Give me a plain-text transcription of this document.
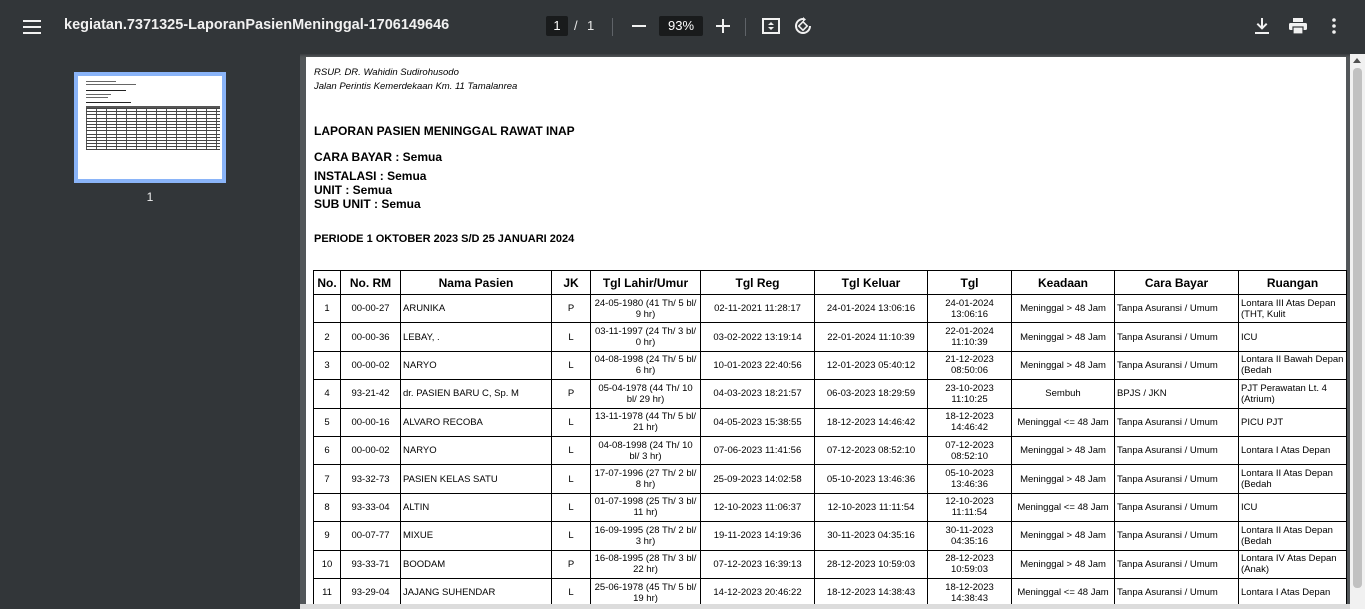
kegiatan.7371325-LaporanPasienMeninggal-1706149646	1	/ 1	93%
1
RSUP. DR. Wahidin Sudirohusodo
Jalan Perintis Kemerdekaan Km. 11 Tamalanrea
LAPORAN PASIEN MENINGGAL RAWAT INAP
CARA BAYAR : Semua
INSTALASI : Semua
UNIT : Semua
SUB UNIT : Semua
PERIODE 1 OKTOBER 2023 S/D 25 JANUARI 2024
No.	No. RM	Nama Pasien	JK	Tgl Lahir/Umur	Tgl Reg	Tgl Keluar	Tgl	Keadaan	Cara Bayar	Ruangan
1	00-00-27	ARUNIKA	P	24-05-1980 (41 Th/ 5 bl/ 9 hr)	02-11-2021 11:28:17	24-01-2024 13:06:16	24-01-2024 13:06:16	Meninggal > 48 Jam	Tanpa Asuransi / Umum	Lontara III Atas Depan (THT, Kulit
2	00-00-36	LEBAY, .	L	03-11-1997 (24 Th/ 3 bl/ 0 hr)	03-02-2022 13:19:14	22-01-2024 11:10:39	22-01-2024 11:10:39	Meninggal > 48 Jam	Tanpa Asuransi / Umum	ICU
3	00-00-02	NARYO	L	04-08-1998 (24 Th/ 5 bl/ 6 hr)	10-01-2023 22:40:56	12-01-2023 05:40:12	21-12-2023 08:50:06	Meninggal > 48 Jam	Tanpa Asuransi / Umum	Lontara II Bawah Depan (Bedah
4	93-21-42	dr. PASIEN BARU C, Sp. M	P	05-04-1978 (44 Th/ 10 bl/ 29 hr)	04-03-2023 18:21:57	06-03-2023 18:29:59	23-10-2023 11:10:25	Sembuh	BPJS / JKN	PJT Perawatan Lt. 4 (Atrium)
5	00-00-16	ALVARO RECOBA	L	13-11-1978 (44 Th/ 5 bl/ 21 hr)	04-05-2023 15:38:55	18-12-2023 14:46:42	18-12-2023 14:46:42	Meninggal <= 48 Jam	Tanpa Asuransi / Umum	PICU PJT
6	00-00-02	NARYO	L	04-08-1998 (24 Th/ 10 bl/ 3 hr)	07-06-2023 11:41:56	07-12-2023 08:52:10	07-12-2023 08:52:10	Meninggal > 48 Jam	Tanpa Asuransi / Umum	Lontara I Atas Depan
7	93-32-73	PASIEN KELAS SATU	L	17-07-1996 (27 Th/ 2 bl/ 8 hr)	25-09-2023 14:02:58	05-10-2023 13:46:36	05-10-2023 13:46:36	Meninggal > 48 Jam	Tanpa Asuransi / Umum	Lontara II Atas Depan (Bedah
8	93-33-04	ALTIN	L	01-07-1998 (25 Th/ 3 bl/ 11 hr)	12-10-2023 11:06:37	12-10-2023 11:11:54	12-10-2023 11:11:54	Meninggal <= 48 Jam	Tanpa Asuransi / Umum	ICU
9	00-07-77	MIXUE	L	16-09-1995 (28 Th/ 2 bl/ 3 hr)	19-11-2023 14:19:36	30-11-2023 04:35:16	30-11-2023 04:35:16	Meninggal > 48 Jam	Tanpa Asuransi / Umum	Lontara II Atas Depan (Bedah
10	93-33-71	BOODAM	P	16-08-1995 (28 Th/ 3 bl/ 22 hr)	07-12-2023 16:39:13	28-12-2023 10:59:03	28-12-2023 10:59:03	Meninggal > 48 Jam	Tanpa Asuransi / Umum	Lontara IV Atas Depan (Anak)
11	93-29-04	JAJANG SUHENDAR	L	25-06-1978 (45 Th/ 5 bl/ 19 hr)	14-12-2023 20:46:22	18-12-2023 14:38:43	18-12-2023 14:38:43	Meninggal <= 48 Jam	Tanpa Asuransi / Umum	Lontara I Atas Depan
